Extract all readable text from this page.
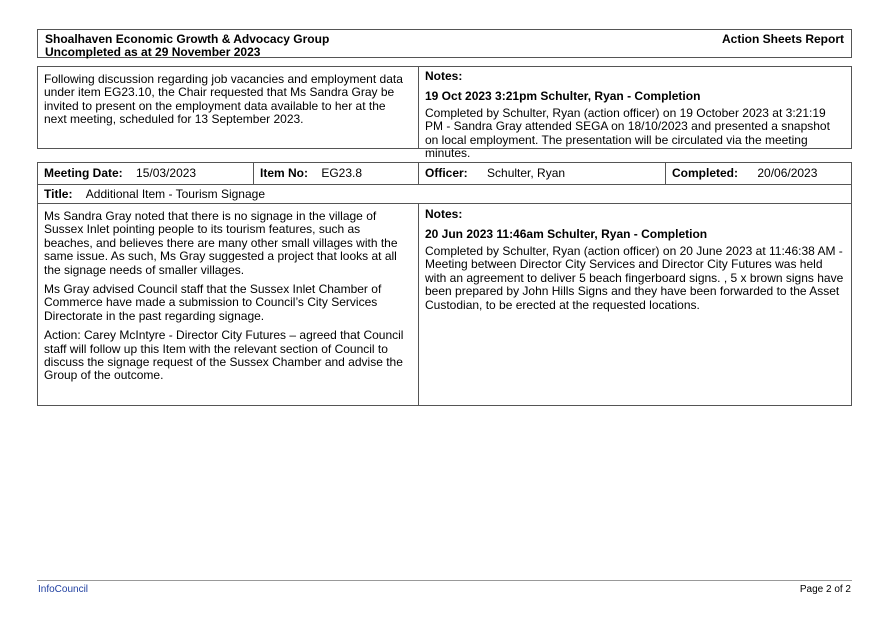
Shoalhaven Economic Growth & Advocacy Group
Uncompleted as at 29 November 2023
Action Sheets Report
Following discussion regarding job vacancies and employment data under item EG23.10, the Chair requested that Ms Sandra Gray be invited to present on the employment data available to her at the next meeting, scheduled for 13 September 2023.
Notes:
19 Oct 2023 3:21pm Schulter, Ryan - Completion
Completed by Schulter, Ryan (action officer) on 19 October 2023 at 3:21:19 PM - Sandra Gray attended SEGA on 18/10/2023 and presented a snapshot on local employment. The presentation will be circulated via the meeting minutes.
Meeting Date: 15/03/2023	Item No: EG23.8	Officer: Schulter, Ryan	Completed: 20/06/2023
Title: Additional Item - Tourism Signage

Ms Sandra Gray noted that there is no signage in the village of Sussex Inlet pointing people to its tourism features, such as beaches, and believes there are many other small villages with the same issue. As such, Ms Gray suggested a project that looks at all the signage needs of smaller villages.

Ms Gray advised Council staff that the Sussex Inlet Chamber of Commerce have made a submission to Council’s City Services Directorate in the past regarding signage.

Action: Carey McIntyre - Director City Futures – agreed that Council staff will follow up this Item with the relevant section of Council to discuss the signage request of the Sussex Chamber and advise the Group of the outcome.

Notes:
20 Jun 2023 11:46am Schulter, Ryan - Completion
Completed by Schulter, Ryan (action officer) on 20 June 2023 at 11:46:38 AM - Meeting between Director City Services and Director City Futures was held with an agreement to deliver 5 beach fingerboard signs. , 5 x brown signs have been prepared by John Hills Signs and they have been forwarded to the Asset Custodian, to be erected at the requested locations.
InfoCouncil	Page 2 of 2
